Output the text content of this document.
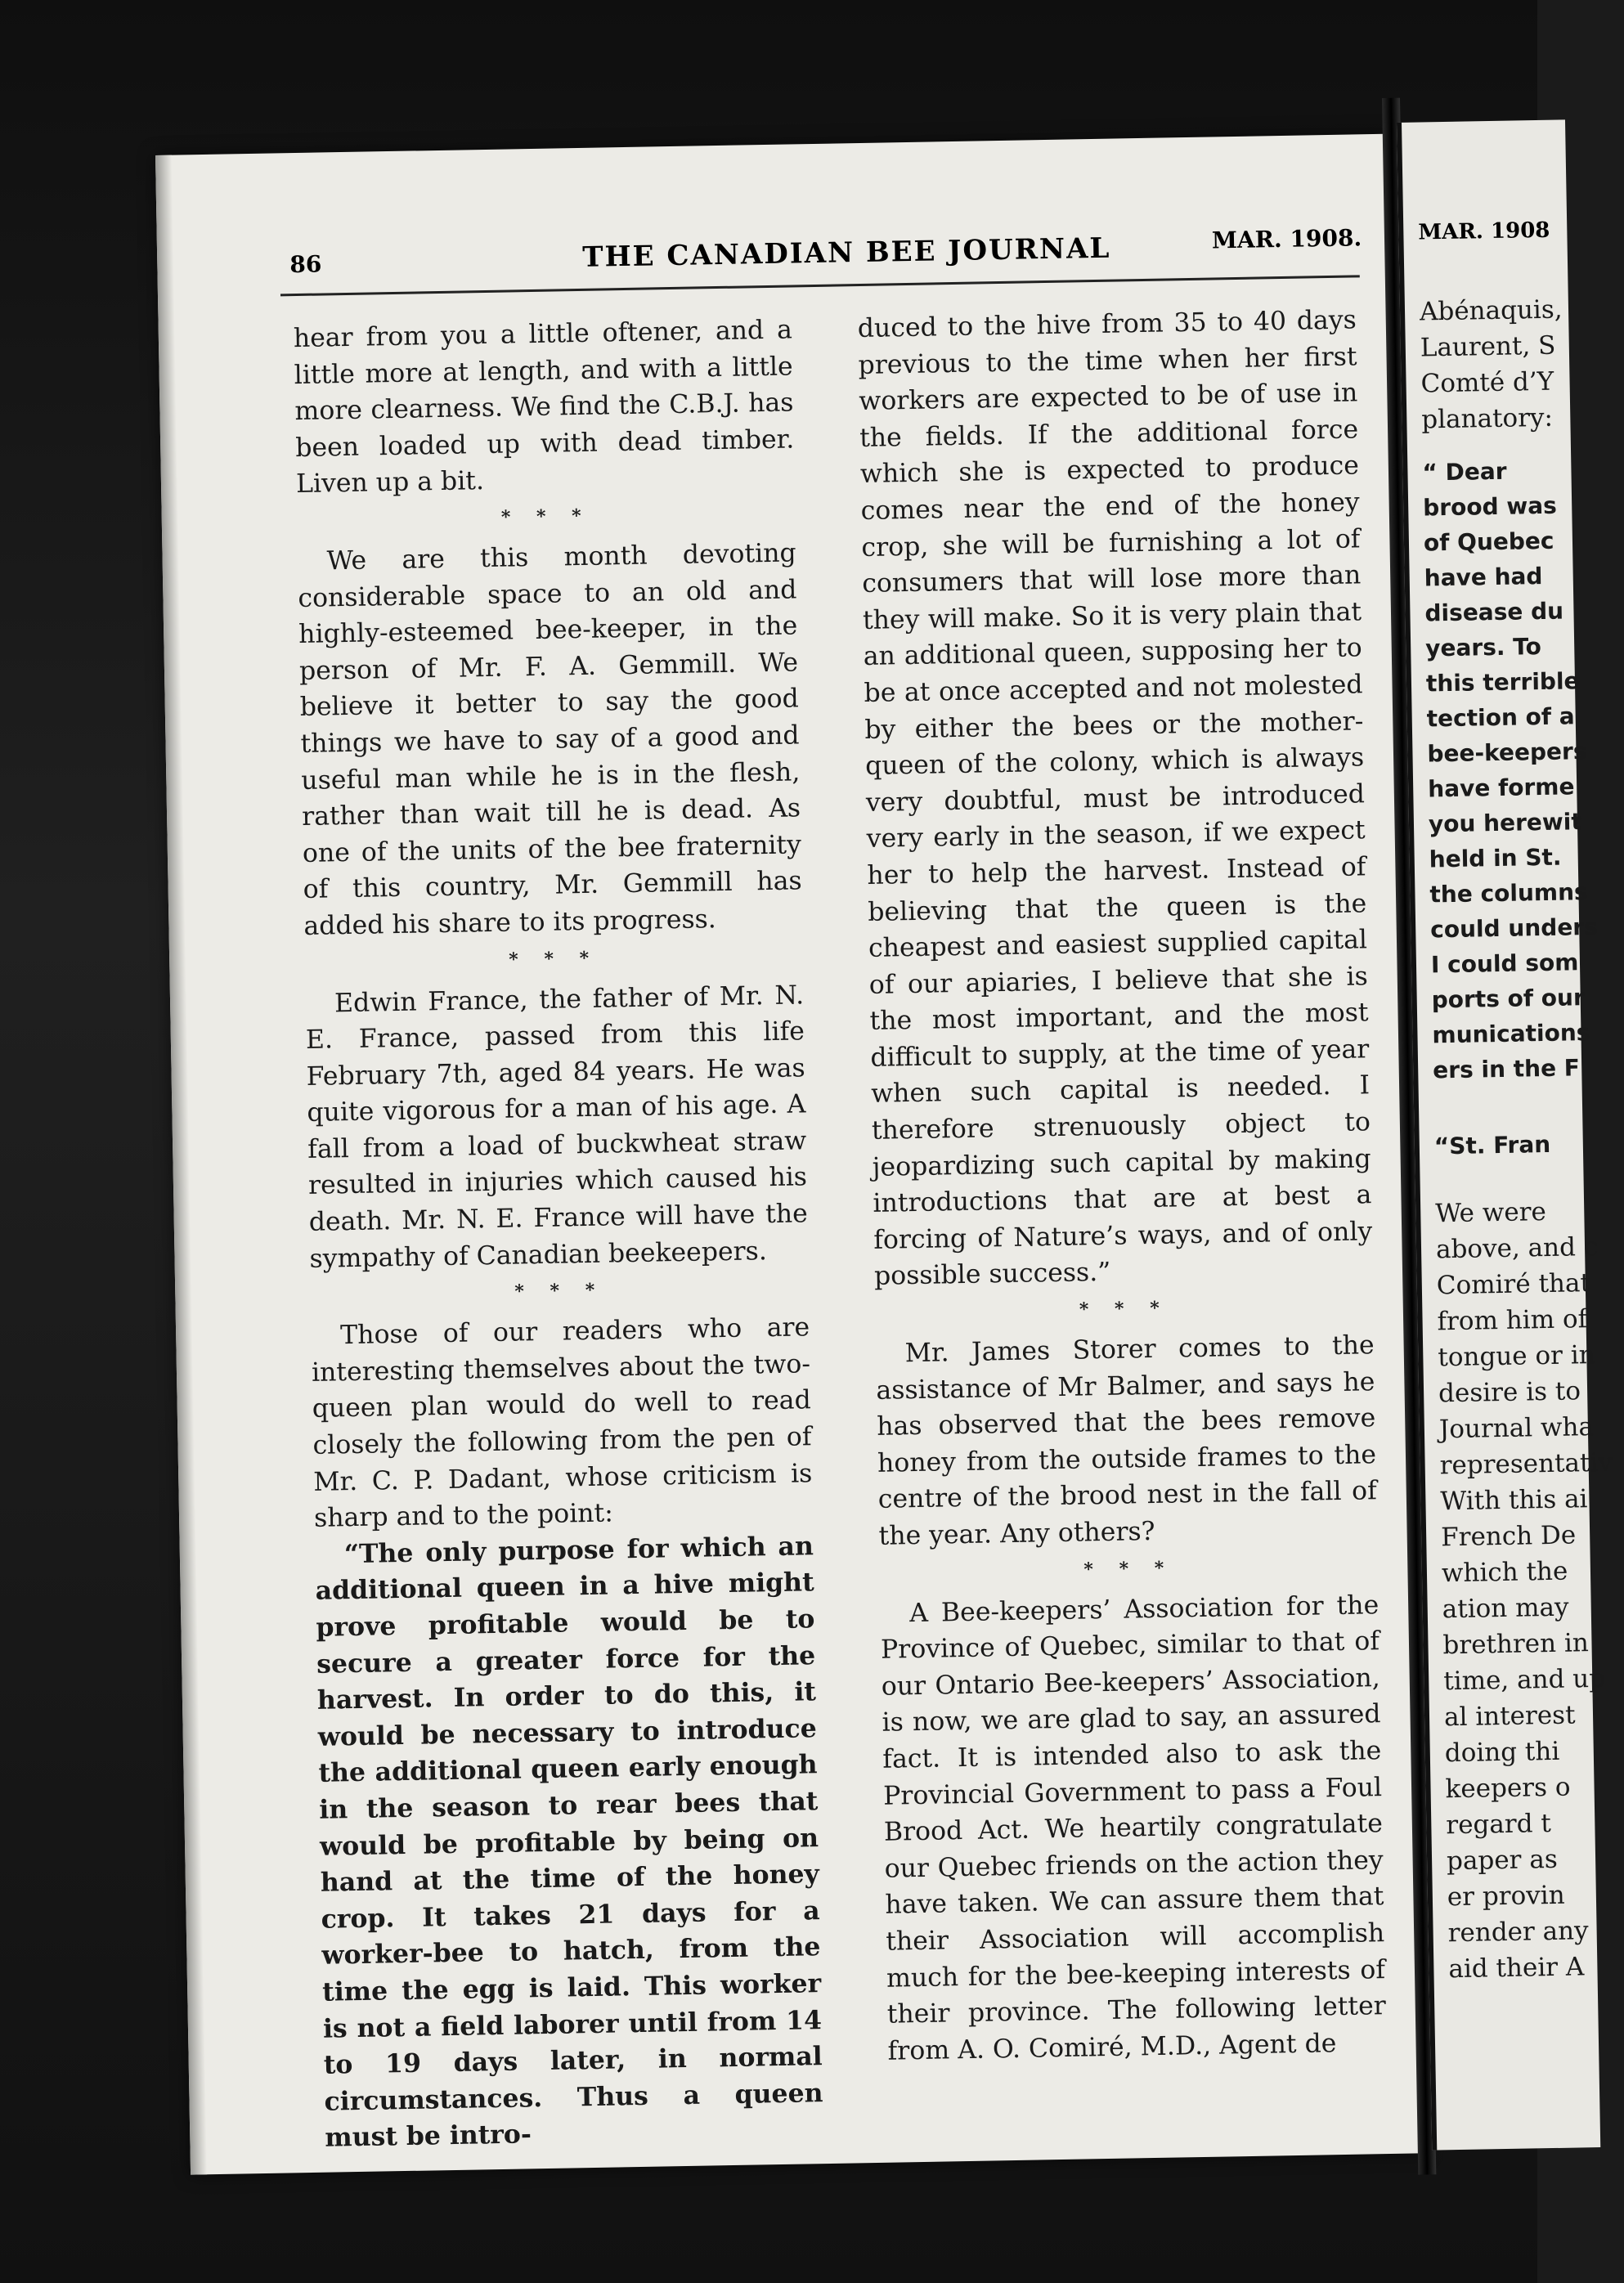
86	THE CANADIAN BEE JOURNAL	MAR. 1908.

hear from you a little oftener, and a little more at length, and with a little more clearness. We find the C.B.J. has been loaded up with dead timber. Liven up a bit.

* * *

We are this month devoting considerable space to an old and highly-esteemed bee-keeper, in the person of Mr. F. A. Gemmill. We believe it better to say the good things we have to say of a good and useful man while he is in the flesh, rather than wait till he is dead. As one of the units of the bee fraternity of this country, Mr. Gemmill has added his share to its progress.

* * *

Edwin France, the father of Mr. N. E. France, passed from this life February 7th, aged 84 years. He was quite vigorous for a man of his age. A fall from a load of buckwheat straw resulted in injuries which caused his death. Mr. N. E. France will have the sympathy of Canadian beekeepers.

* * *

Those of our readers who are interesting themselves about the two-queen plan would do well to read closely the following from the pen of Mr. C. P. Dadant, whose criticism is sharp and to the point:

“The only purpose for which an additional queen in a hive might prove profitable would be to secure a greater force for the harvest. In order to do this, it would be necessary to introduce the additional queen early enough in the season to rear bees that would be profitable by being on hand at the time of the honey crop. It takes 21 days for a worker-bee to hatch, from the time the egg is laid. This worker is not a field laborer until from 14 to 19 days later, in normal circumstances. Thus a queen must be intro-

duced to the hive from 35 to 40 days previous to the time when her first workers are expected to be of use in the fields. If the additional force which she is expected to produce comes near the end of the honey crop, she will be furnishing a lot of consumers that will lose more than they will make. So it is very plain that an additional queen, supposing her to be at once accepted and not molested by either the bees or the mother-queen of the colony, which is always very doubtful, must be introduced very early in the season, if we expect her to help the harvest. Instead of believing that the queen is the cheapest and easiest supplied capital of our apiaries, I believe that she is the most important, and the most difficult to supply, at the time of year when such capital is needed. I therefore strenuously object to jeopardizing such capital by making introductions that are at best a forcing of Nature’s ways, and of only possible success.”

* * *

Mr. James Storer comes to the assistance of Mr Balmer, and says he has observed that the bees remove honey from the outside frames to the centre of the brood nest in the fall of the year. Any others?

* * *

A Bee-keepers’ Association for the Province of Quebec, similar to that of our Ontario Bee-keepers’ Association, is now, we are glad to say, an assured fact. It is intended also to ask the Provincial Government to pass a Foul Brood Act. We heartily congratulate our Quebec friends on the action they have taken. We can assure them that their Association will accomplish much for the bee-keeping interests of their province. The following letter from A. O. Comiré, M.D., Agent de

MAR. 1908
Abénaquis,
Laurent, S
Comté d’Y
planatory:
“ Dear
brood was
of Quebec
have had
disease du
years. To
this terrible
tection of a
bee-keepers
have forme
you herewit
held in St.
the columns
could unders
I could som
ports of our
munications
ers in the F
“St. Fran
We were
above, and c
Comiré that
from him of
tongue or in
desire is to
Journal wha
representativ
With this ai
French De
which the
ation may
brethren in
time, and up
al interest
doing thi
keepers o
regard t
paper as
er provin
render any
aid their A
